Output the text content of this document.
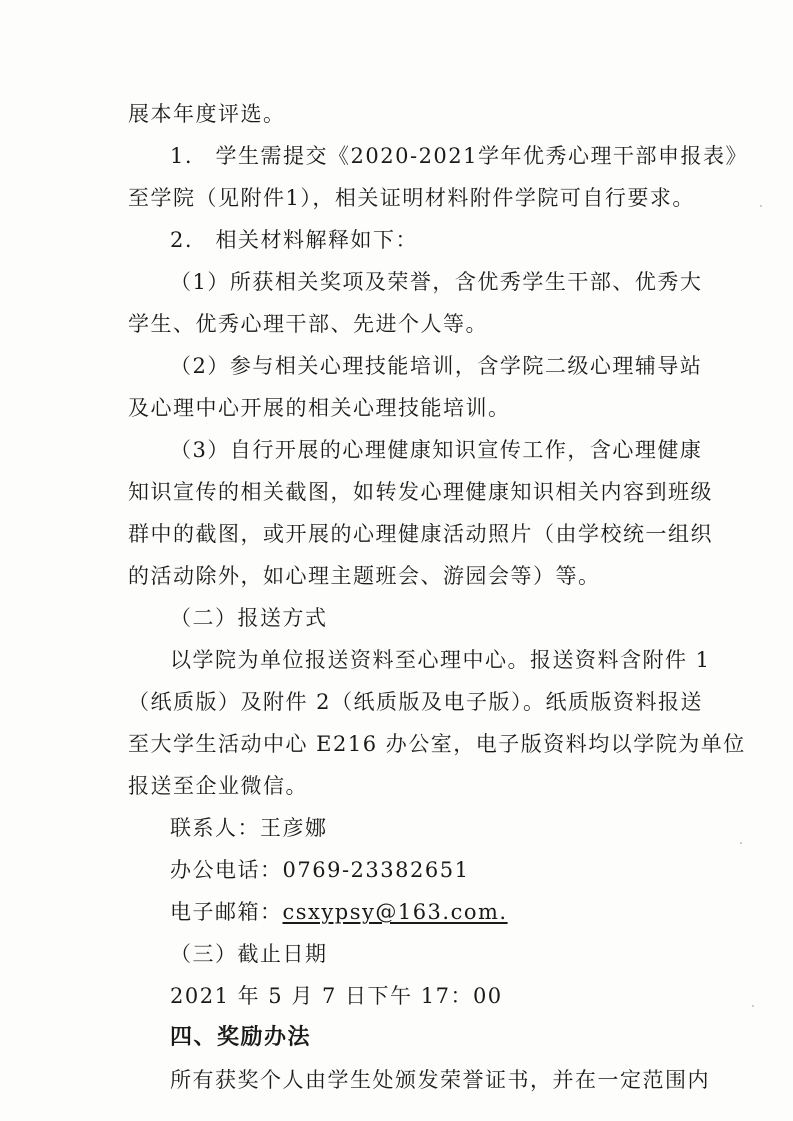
展本年度评选。
1.　学生需提交《2020-2021学年优秀心理干部申报表》
至学院（见附件1），相关证明材料附件学院可自行要求。
2.　相关材料解释如下：
（1）所获相关奖项及荣誉，含优秀学生干部、优秀大
学生、优秀心理干部、先进个人等。
（2）参与相关心理技能培训，含学院二级心理辅导站
及心理中心开展的相关心理技能培训。
（3）自行开展的心理健康知识宣传工作，含心理健康
知识宣传的相关截图，如转发心理健康知识相关内容到班级
群中的截图，或开展的心理健康活动照片（由学校统一组织
的活动除外，如心理主题班会、游园会等）等。
（二）报送方式
以学院为单位报送资料至心理中心。报送资料含附件 1
（纸质版）及附件 2（纸质版及电子版）。纸质版资料报送
至大学生活动中心 E216 办公室，电子版资料均以学院为单位
报送至企业微信。
联系人：王彦娜
办公电话：0769-23382651
电子邮箱：csxypsy@163.com.
（三）截止日期
2021 年 5 月 7 日下午 17：00
四、奖励办法
所有获奖个人由学生处颁发荣誉证书，并在一定范围内
